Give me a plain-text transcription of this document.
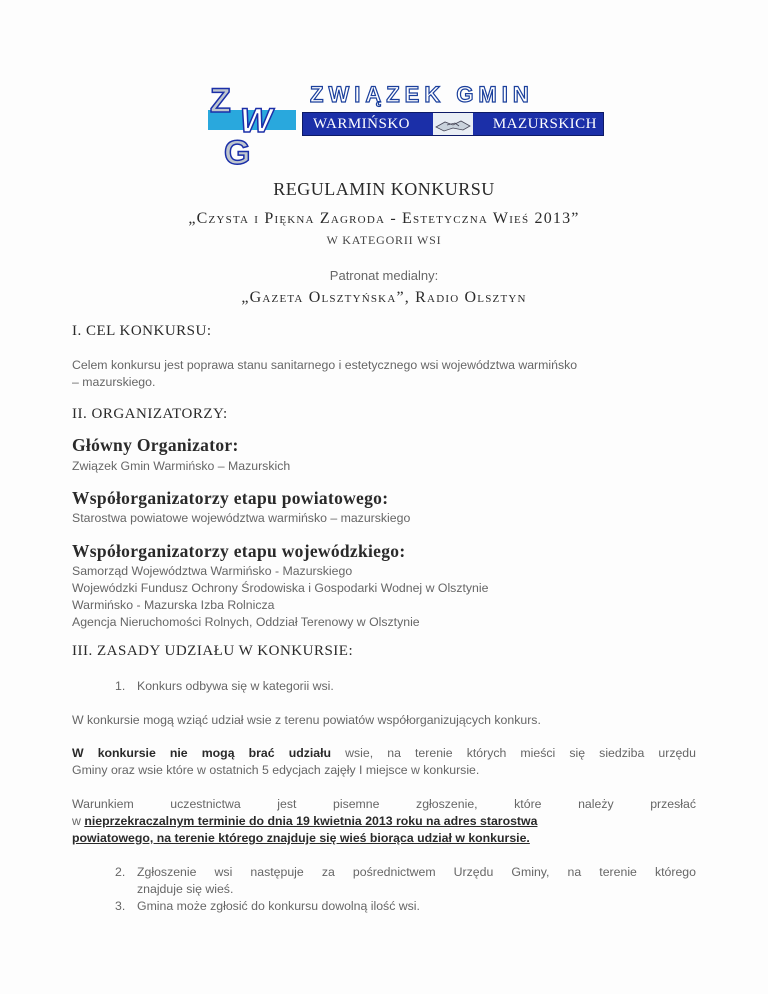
Z
W
G
ZWIĄZEK GMIN
WARMIŃSKO	MAZURSKICH
REGULAMIN KONKURSU
„Czysta i Piękna Zagroda - Estetyczna Wieś 2013”
W KATEGORII WSI
Patronat medialny:
„Gazeta Olsztyńska”, Radio Olsztyn
I. CEL KONKURSU:
Celem konkursu jest poprawa stanu sanitarnego i estetycznego wsi województwa warmińsko
– mazurskiego.
II. ORGANIZATORZY:
Główny Organizator:
Związek Gmin Warmińsko – Mazurskich
Współorganizatorzy etapu powiatowego:
Starostwa powiatowe województwa warmińsko – mazurskiego
Współorganizatorzy etapu wojewódzkiego:
Samorząd Województwa Warmińsko - Mazurskiego
Wojewódzki Fundusz Ochrony Środowiska i Gospodarki Wodnej w Olsztynie
Warmińsko - Mazurska Izba Rolnicza
Agencja Nieruchomości Rolnych, Oddział Terenowy w Olsztynie
III. ZASADY UDZIAŁU W KONKURSIE:
1. Konkurs odbywa się w kategorii wsi.
W konkursie mogą wziąć udział wsie z terenu powiatów współorganizujących konkurs.
W konkursie nie mogą brać udziału wsie, na terenie których mieści się siedziba urzędu
Gminy oraz wsie które w ostatnich 5 edycjach zajęły I miejsce w konkursie.
Warunkiem uczestnictwa jest pisemne zgłoszenie, które należy przesłać
w nieprzekraczalnym terminie do dnia 19 kwietnia 2013 roku na adres starostwa
powiatowego, na terenie którego znajduje się wieś biorąca udział w konkursie.
2. Zgłoszenie wsi następuje za pośrednictwem Urzędu Gminy, na terenie którego
znajduje się wieś.
3. Gmina może zgłosić do konkursu dowolną ilość wsi.
